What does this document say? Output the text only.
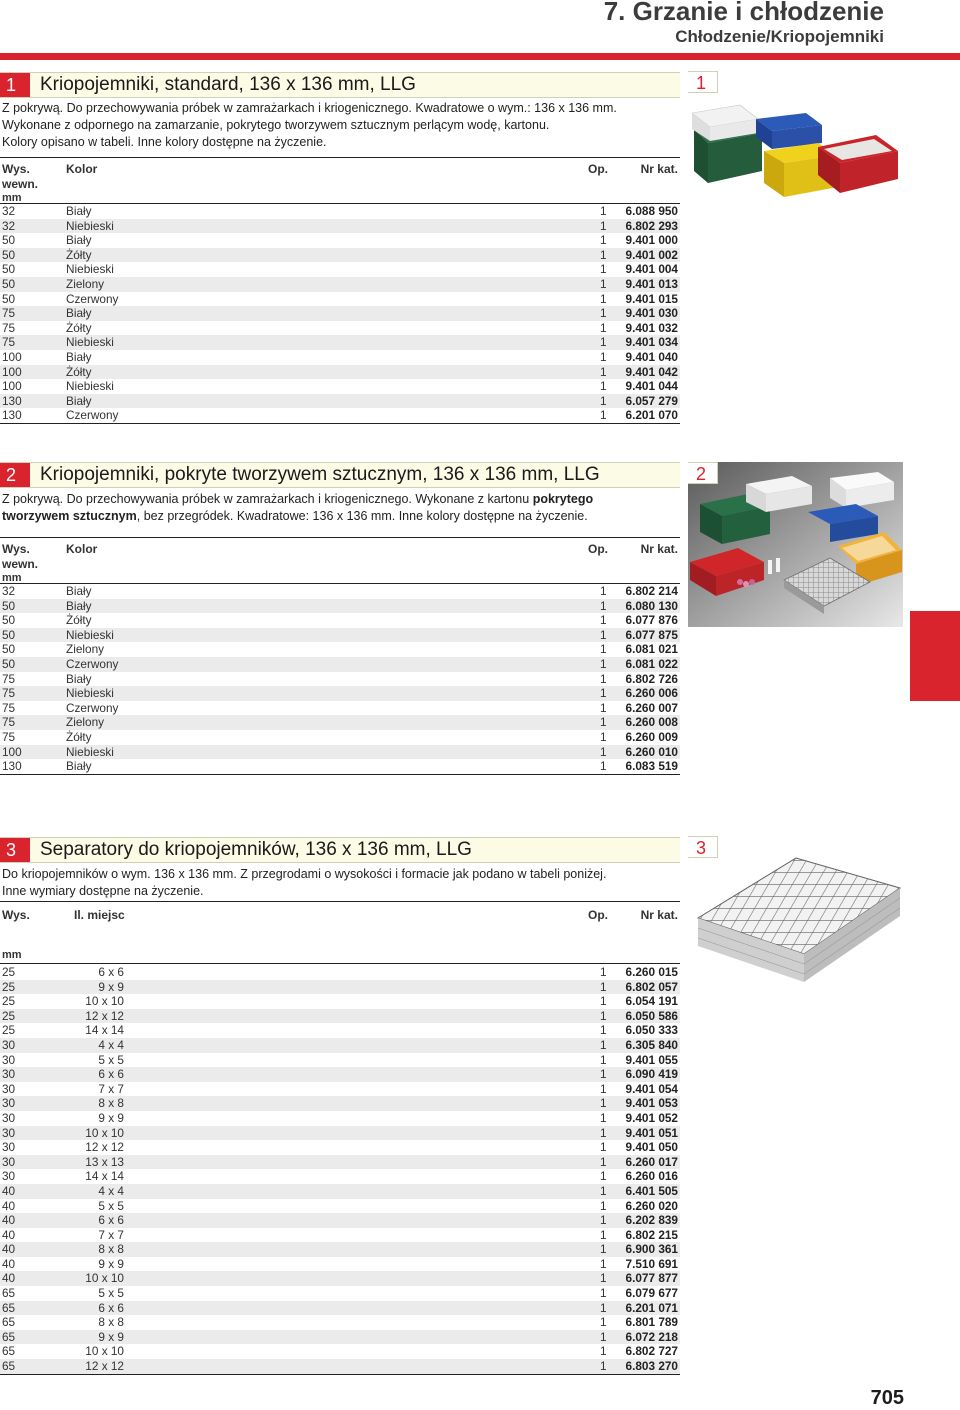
7. Grzanie i chłodzenie
Chłodzenie/Kriopojemniki
1	Kriopojemniki, standard, 136 x 136 mm, LLG
Z pokrywą. Do przechowywania próbek w zamrażarkach i kriogenicznego. Kwadratowe o wym.: 136 x 136 mm.
Wykonane z odpornego na zamarzanie, pokrytego tworzywem sztucznym perlącym wodę, kartonu.
Kolory opisano w tabeli. Inne kolory dostępne na życzenie.
Wys.
wewn.
mm
Kolor	Op.	Nr kat.
32	Biały	1 6.088 950
32	Niebieski	1 6.802 293
50	Biały	1 9.401 000
50	Żółty	1 9.401 002
50	Niebieski	1 9.401 004
50	Zielony	1 9.401 013
50	Czerwony	1 9.401 015
75	Biały	1 9.401 030
75	Żółty	1 9.401 032
75	Niebieski	1 9.401 034
100	Biały	1 9.401 040
100	Żółty	1 9.401 042
100	Niebieski	1 9.401 044
130	Biały	1 6.057 279
130	Czerwony	1 6.201 070
2	Kriopojemniki, pokryte tworzywem sztucznym, 136 x 136 mm, LLG
Z pokrywą. Do przechowywania próbek w zamrażarkach i kriogenicznego. Wykonane z kartonu pokrytego tworzywem sztucznym, bez przegródek. Kwadratowe: 136 x 136 mm. Inne kolory dostępne na życzenie.
Wys.
wewn.
mm
Kolor	Op.	Nr kat.
32	Biały	1 6.802 214
50	Biały	1 6.080 130
50	Żółty	1 6.077 876
50	Niebieski	1 6.077 875
50	Zielony	1 6.081 021
50	Czerwony	1 6.081 022
75	Biały	1 6.802 726
75	Niebieski	1 6.260 006
75	Czerwony	1 6.260 007
75	Zielony	1 6.260 008
75	Żółty	1 6.260 009
100	Niebieski	1 6.260 010
130	Biały	1 6.083 519
3	Separatory do kriopojemników, 136 x 136 mm, LLG
Do kriopojemników o wym. 136 x 136 mm. Z przegrodami o wysokości i formacie jak podano w tabeli poniżej.
Inne wymiary dostępne na życzenie.
Wys.
mm
Il. miejsc	Op.	Nr kat.
25	6 x 6	1 6.260 015
25	9 x 9	1 6.802 057
25	10 x 10	1 6.054 191
25	12 x 12	1 6.050 586
25	14 x 14	1 6.050 333
30	4 x 4	1 6.305 840
30	5 x 5	1 9.401 055
30	6 x 6	1 6.090 419
30	7 x 7	1 9.401 054
30	8 x 8	1 9.401 053
30	9 x 9	1 9.401 052
30	10 x 10	1 9.401 051
30	12 x 12	1 9.401 050
30	13 x 13	1 6.260 017
30	14 x 14	1 6.260 016
40	4 x 4	1 6.401 505
40	5 x 5	1 6.260 020
40	6 x 6	1 6.202 839
40	7 x 7	1 6.802 215
40	8 x 8	1 6.900 361
40	9 x 9	1 7.510 691
40	10 x 10	1 6.077 877
65	5 x 5	1 6.079 677
65	6 x 6	1 6.201 071
65	8 x 8	1 6.801 789
65	9 x 9	1 6.072 218
65	10 x 10	1 6.802 727
65	12 x 12	1 6.803 270
1
2
3
705
